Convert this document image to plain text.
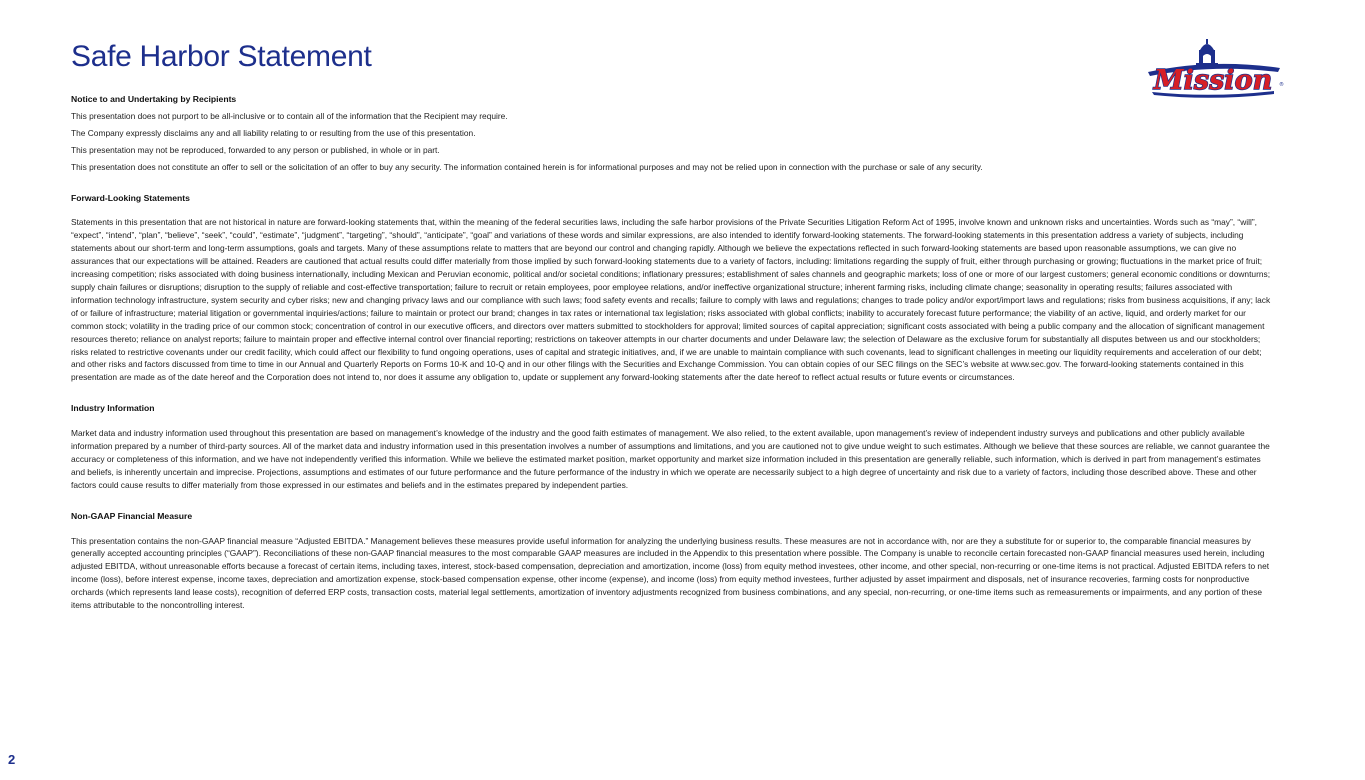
Safe Harbor Statement
Mission ®
Notice to and Undertaking by Recipients

This presentation does not purport to be all-inclusive or to contain all of the information that the Recipient may require.

The Company expressly disclaims any and all liability relating to or resulting from the use of this presentation.

This presentation may not be reproduced, forwarded to any person or published, in whole or in part.

This presentation does not constitute an offer to sell or the solicitation of an offer to buy any security. The information contained herein is for informational purposes and may not be relied upon in connection with the purchase or sale of any security.

Forward-Looking Statements

Statements in this presentation that are not historical in nature are forward-looking statements that, within the meaning of the federal securities laws, including the safe harbor provisions of the Private Securities Litigation Reform Act of 1995, involve known and unknown risks and uncertainties. Words such as “may”, “will”, “expect”, “intend”, “plan”, “believe”, “seek”, “could”, “estimate”, “judgment”, “targeting”, “should”, “anticipate”, “goal” and variations of these words and similar expressions, are also intended to identify forward-looking statements. The forward-looking statements in this presentation address a variety of subjects, including statements about our short-term and long-term assumptions, goals and targets. Many of these assumptions relate to matters that are beyond our control and changing rapidly. Although we believe the expectations reflected in such forward-looking statements are based upon reasonable assumptions, we can give no assurances that our expectations will be attained. Readers are cautioned that actual results could differ materially from those implied by such forward-looking statements due to a variety of factors, including: limitations regarding the supply of fruit, either through purchasing or growing; fluctuations in the market price of fruit; increasing competition; risks associated with doing business internationally, including Mexican and Peruvian economic, political and/or societal conditions; inflationary pressures; establishment of sales channels and geographic markets; loss of one or more of our largest customers; general economic conditions or downturns; supply chain failures or disruptions; disruption to the supply of reliable and cost-effective transportation; failure to recruit or retain employees, poor employee relations, and/or ineffective organizational structure; inherent farming risks, including climate change; seasonality in operating results; failures associated with information technology infrastructure, system security and cyber risks; new and changing privacy laws and our compliance with such laws; food safety events and recalls; failure to comply with laws and regulations; changes to trade policy and/or export/import laws and regulations; risks from business acquisitions, if any; lack of or failure of infrastructure; material litigation or governmental inquiries/actions; failure to maintain or protect our brand; changes in tax rates or international tax legislation; risks associated with global conflicts; inability to accurately forecast future performance; the viability of an active, liquid, and orderly market for our common stock; volatility in the trading price of our common stock; concentration of control in our executive officers, and directors over matters submitted to stockholders for approval; limited sources of capital appreciation; significant costs associated with being a public company and the allocation of significant management resources thereto; reliance on analyst reports; failure to maintain proper and effective internal control over financial reporting; restrictions on takeover attempts in our charter documents and under Delaware law; the selection of Delaware as the exclusive forum for substantially all disputes between us and our stockholders; risks related to restrictive covenants under our credit facility, which could affect our flexibility to fund ongoing operations, uses of capital and strategic initiatives, and, if we are unable to maintain compliance with such covenants, lead to significant challenges in meeting our liquidity requirements and acceleration of our debt; and other risks and factors discussed from time to time in our Annual and Quarterly Reports on Forms 10-K and 10-Q and in our other filings with the Securities and Exchange Commission. You can obtain copies of our SEC filings on the SEC’s website at www.sec.gov. The forward-looking statements contained in this presentation are made as of the date hereof and the Corporation does not intend to, nor does it assume any obligation to, update or supplement any forward-looking statements after the date hereof to reflect actual results or future events or circumstances.

Industry Information

Market data and industry information used throughout this presentation are based on management’s knowledge of the industry and the good faith estimates of management. We also relied, to the extent available, upon management’s review of independent industry surveys and publications and other publicly available information prepared by a number of third-party sources. All of the market data and industry information used in this presentation involves a number of assumptions and limitations, and you are cautioned not to give undue weight to such estimates. Although we believe that these sources are reliable, we cannot guarantee the accuracy or completeness of this information, and we have not independently verified this information. While we believe the estimated market position, market opportunity and market size information included in this presentation are generally reliable, such information, which is derived in part from management’s estimates and beliefs, is inherently uncertain and imprecise. Projections, assumptions and estimates of our future performance and the future performance of the industry in which we operate are necessarily subject to a high degree of uncertainty and risk due to a variety of factors, including those described above. These and other factors could cause results to differ materially from those expressed in our estimates and beliefs and in the estimates prepared by independent parties.

Non-GAAP Financial Measure

This presentation contains the non-GAAP financial measure “Adjusted EBITDA.” Management believes these measures provide useful information for analyzing the underlying business results. These measures are not in accordance with, nor are they a substitute for or superior to, the comparable financial measures by generally accepted accounting principles (“GAAP”). Reconciliations of these non-GAAP financial measures to the most comparable GAAP measures are included in the Appendix to this presentation where possible. The Company is unable to reconcile certain forecasted non-GAAP financial measures used herein, including adjusted EBITDA, without unreasonable efforts because a forecast of certain items, including taxes, interest, stock-based compensation, depreciation and amortization, income (loss) from equity method investees, other income, and other special, non-recurring or one-time items is not practical. Adjusted EBITDA refers to net income (loss), before interest expense, income taxes, depreciation and amortization expense, stock-based compensation expense, other income (expense), and income (loss) from equity method investees, further adjusted by asset impairment and disposals, net of insurance recoveries, farming costs for nonproductive orchards (which represents land lease costs), recognition of deferred ERP costs, transaction costs, material legal settlements, amortization of inventory adjustments recognized from business combinations, and any special, non-recurring, or one-time items such as remeasurements or impairments, and any portion of these items attributable to the noncontrolling interest.

2
